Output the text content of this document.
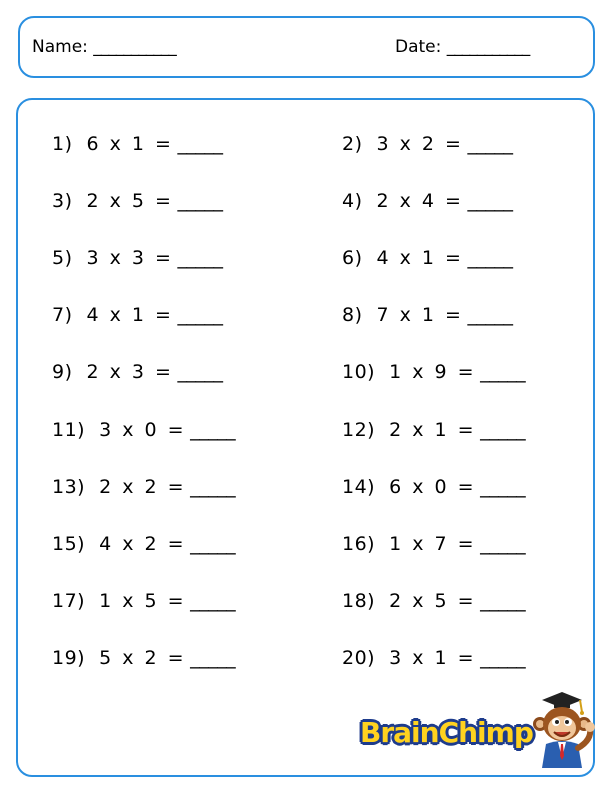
Name: ___________	Date: ___________
1) 6 x 1 = _____	2) 3 x 2 = _____
3) 2 x 5 = _____	4) 2 x 4 = _____
5) 3 x 3 = _____	6) 4 x 1 = _____
7) 4 x 1 = _____	8) 7 x 1 = _____
9) 2 x 3 = _____	10) 1 x 9 = _____
11) 3 x 0 = _____	12) 2 x 1 = _____
13) 2 x 2 = _____	14) 6 x 0 = _____
15) 4 x 2 = _____	16) 1 x 7 = _____
17) 1 x 5 = _____	18) 2 x 5 = _____
19) 5 x 2 = _____	20) 3 x 1 = _____
BrainChimp
